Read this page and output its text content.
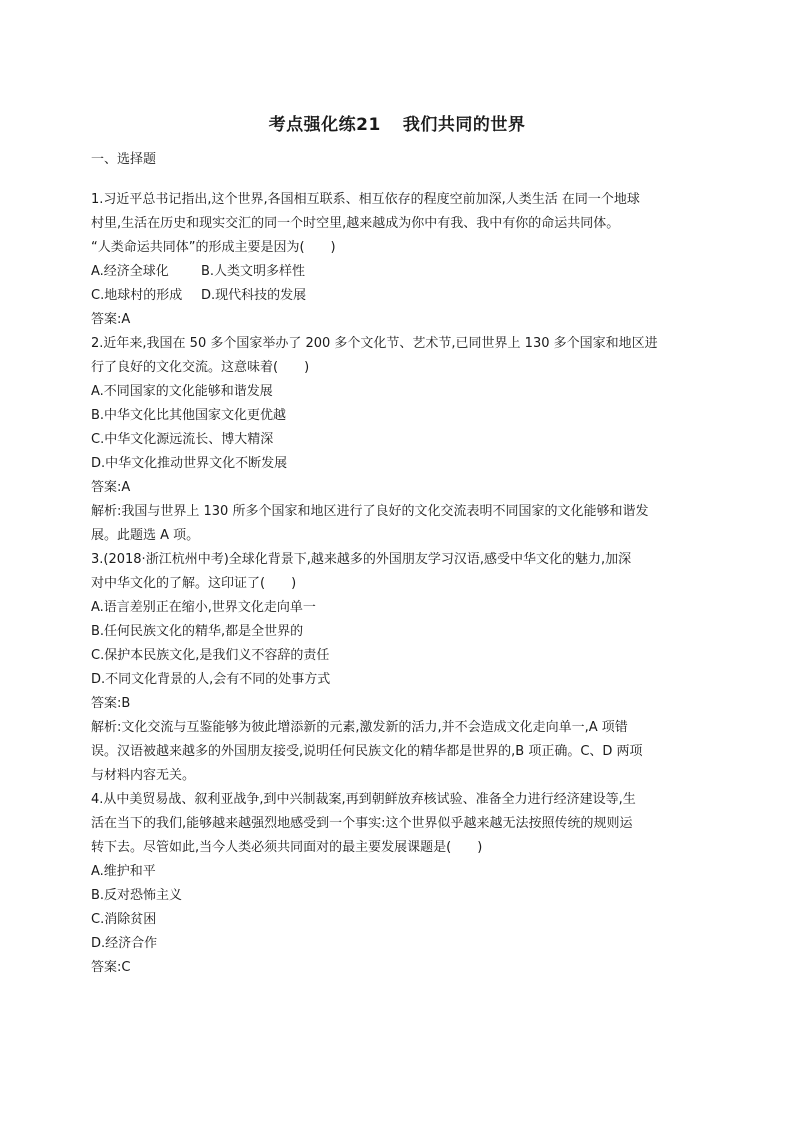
考点强化练21 我们共同的世界
一、选择题
1.习近平总书记指出,这个世界,各国相互联系、相互依存的程度空前加深,人类生活 在同一个地球
村里,生活在历史和现实交汇的同一个时空里,越来越成为你中有我、我中有你的命运共同体。
“人类命运共同体”的形成主要是因为(　　)
A.经济全球化 B.人类文明多样性
C.地球村的形成 D.现代科技的发展
答案:A
2.近年来,我国在 50 多个国家举办了 200 多个文化节、艺术节,已同世界上 130 多个国家和地区进
行了良好的文化交流。这意味着(　　)
A.不同国家的文化能够和谐发展
B.中华文化比其他国家文化更优越
C.中华文化源远流长、博大精深
D.中华文化推动世界文化不断发展
答案:A
解析:我国与世界上 130 所多个国家和地区进行了良好的文化交流表明不同国家的文化能够和谐发
展。此题选 A 项。
3.(2018·浙江杭州中考)全球化背景下,越来越多的外国朋友学习汉语,感受中华文化的魅力,加深
对中华文化的了解。这印证了(　　)
A.语言差别正在缩小,世界文化走向单一
B.任何民族文化的精华,都是全世界的
C.保护本民族文化,是我们义不容辞的责任
D.不同文化背景的人,会有不同的处事方式
答案:B
解析:文化交流与互鉴能够为彼此增添新的元素,激发新的活力,并不会造成文化走向单一,A 项错
误。汉语被越来越多的外国朋友接受,说明任何民族文化的精华都是世界的,B 项正确。C、D 两项
与材料内容无关。
4.从中美贸易战、叙利亚战争,到中兴制裁案,再到朝鲜放弃核试验、准备全力进行经济建设等,生
活在当下的我们,能够越来越强烈地感受到一个事实:这个世界似乎越来越无法按照传统的规则运
转下去。尽管如此,当今人类必须共同面对的最主要发展课题是(　　)
A.维护和平
B.反对恐怖主义
C.消除贫困
D.经济合作
答案:C
